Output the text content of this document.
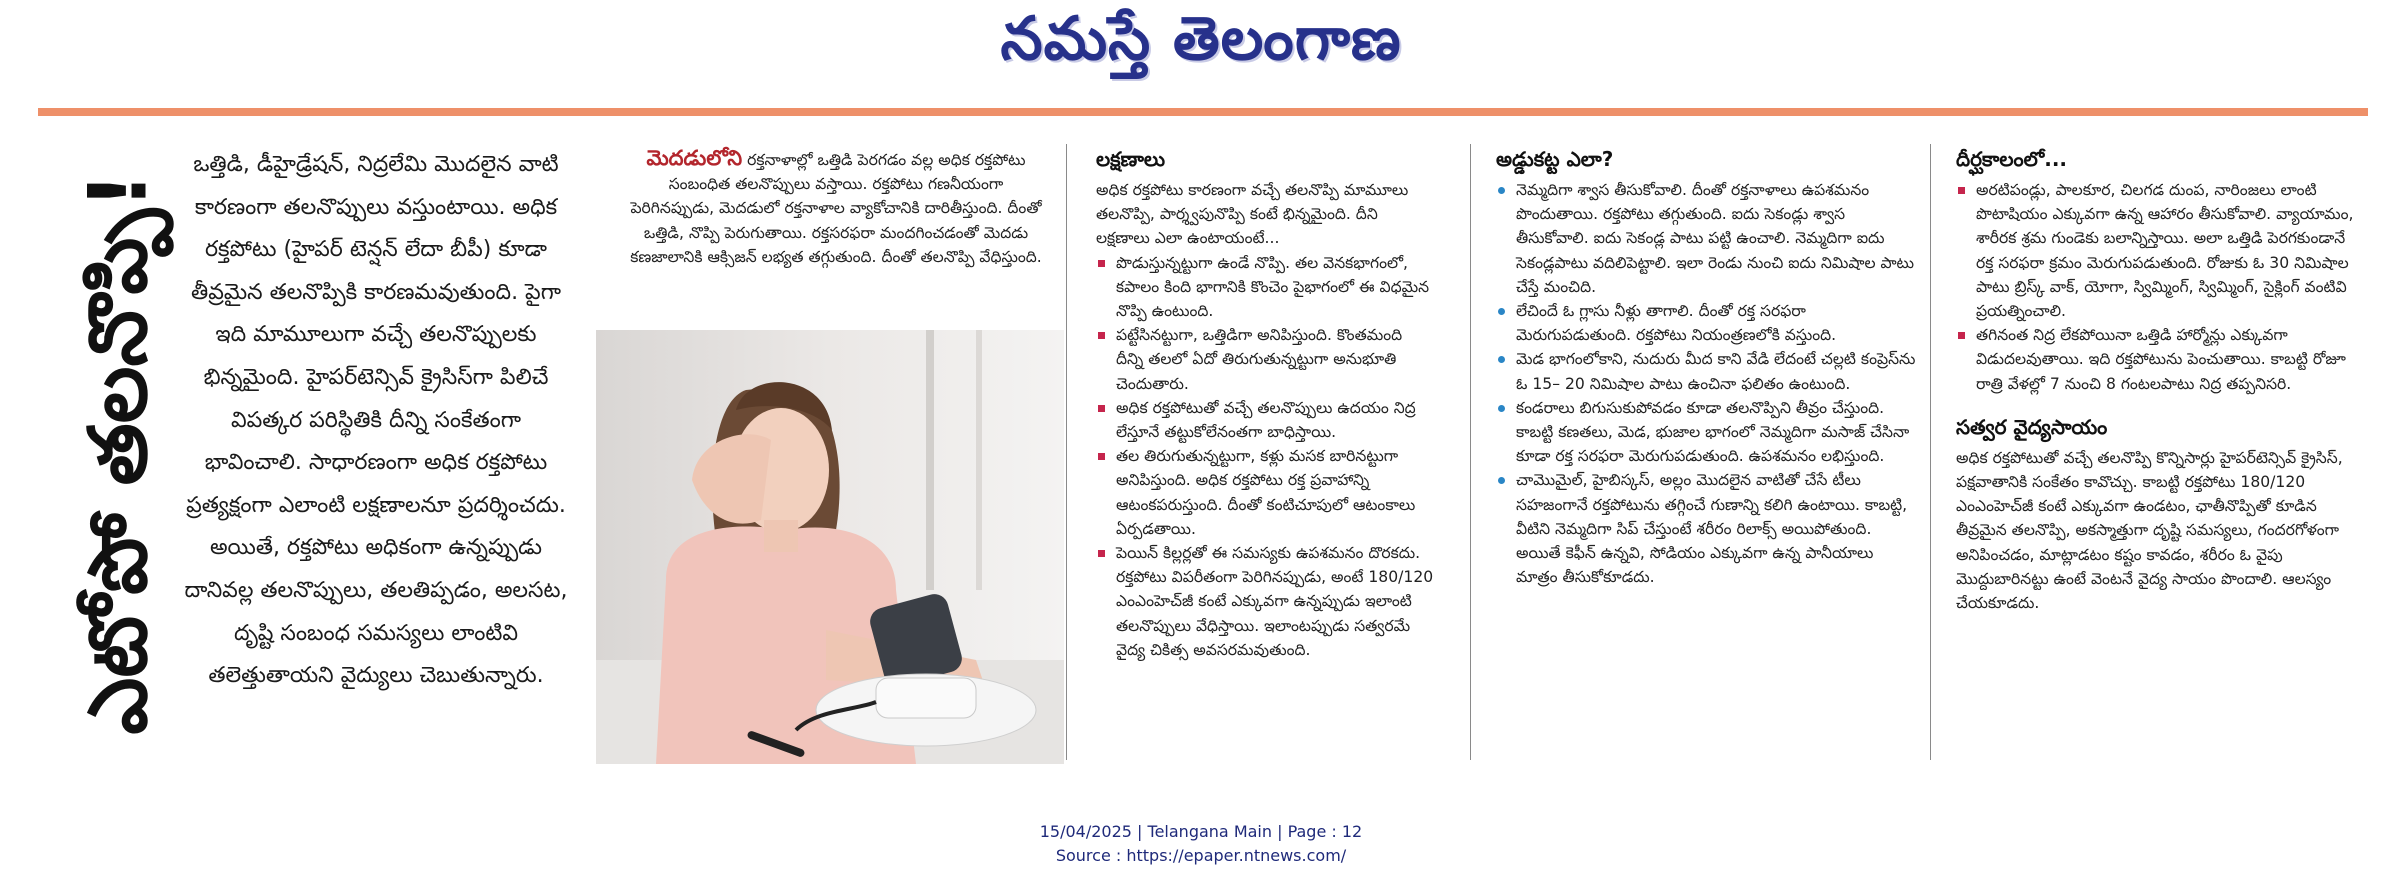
నమస్తే తెలంగాణ
ఎటోపో తలనొప్పి!
ఒత్తిడి, డీహైడ్రేషన్, నిద్రలేమి మొదలైన వాటి కారణంగా తలనొప్పులు వస్తుంటాయి. అధిక రక్తపోటు (హైపర్ టెన్షన్ లేదా బీపీ) కూడా తీవ్రమైన తలనొప్పికి కారణమవుతుంది. పైగా ఇది మామూలుగా వచ్చే తలనొప్పులకు భిన్నమైంది. హైపర్‌టెన్సివ్ క్రైసిస్‌గా పిలిచే విపత్కర పరిస్థితికి దీన్ని సంకేతంగా భావించాలి. సాధారణంగా అధిక రక్తపోటు ప్రత్యక్షంగా ఎలాంటి లక్షణాలనూ ప్రదర్శించదు. అయితే, రక్తపోటు అధికంగా ఉన్నప్పుడు దానివల్ల తలనొప్పులు, తలతిప్పడం, అలసట, దృష్టి సంబంధ సమస్యలు లాంటివి తలెత్తుతాయని వైద్యులు చెబుతున్నారు.

మెదడులోని రక్తనాళాల్లో ఒత్తిడి పెరగడం వల్ల అధిక రక్తపోటు సంబంధిత తలనొప్పులు వస్తాయి. రక్తపోటు గణనీయంగా పెరిగినప్పుడు, మెదడులో రక్తనాళాల వ్యాకోచానికి దారితీస్తుంది. దీంతో ఒత్తిడి, నొప్పి పెరుగుతాయి. రక్తసరఫరా మందగించడంతో మెదడు కణజాలానికి ఆక్సిజన్ లభ్యత తగ్గుతుంది. దీంతో తలనొప్పి వేధిస్తుంది.

లక్షణాలు

అధిక రక్తపోటు కారణంగా వచ్చే తలనొప్పి మామూలు తలనొప్పి, పార్శ్వపునొప్పి కంటే భిన్నమైంది. దీని లక్షణాలు ఎలా ఉంటాయంటే...

పొడుస్తున్నట్టుగా ఉండే నొప్పి. తల వెనకభాగంలో, కపాలం కింది భాగానికి కొంచెం పైభాగంలో ఈ విధమైన నొప్పి ఉంటుంది.
పట్టేసినట్టుగా, ఒత్తిడిగా అనిపిస్తుంది. కొంతమంది దీన్ని తలలో ఏదో తిరుగుతున్నట్టుగా అనుభూతి చెందుతారు.
అధిక రక్తపోటుతో వచ్చే తలనొప్పులు ఉదయం నిద్ర లేస్తూనే తట్టుకోలేనంతగా బాధిస్తాయి.
తల తిరుగుతున్నట్టుగా, కళ్లు మసక బారినట్టుగా అనిపిస్తుంది. అధిక రక్తపోటు రక్త ప్రవాహాన్ని ఆటంకపరుస్తుంది. దీంతో కంటిచూపులో ఆటంకాలు ఏర్పడతాయి.
పెయిన్ కిల్లర్లతో ఈ సమస్యకు ఉపశమనం దొరకదు. రక్తపోటు విపరీతంగా పెరిగినప్పుడు, అంటే 180/120 ఎంఎంహెచ్‌జీ కంటే ఎక్కువగా ఉన్నప్పుడు ఇలాంటి తలనొప్పులు వేధిస్తాయి. ఇలాంటప్పుడు సత్వరమే వైద్య చికిత్స అవసరమవుతుంది.
అడ్డుకట్ట ఎలా?
నెమ్మదిగా శ్వాస తీసుకోవాలి. దీంతో రక్తనాళాలు ఉపశమనం పొందుతాయి. రక్తపోటు తగ్గుతుంది. ఐదు సెకండ్లు శ్వాస తీసుకోవాలి. ఐదు సెకండ్ల పాటు పట్టి ఉంచాలి. నెమ్మదిగా ఐదు సెకండ్లపాటు వదిలిపెట్టాలి. ఇలా రెండు నుంచి ఐదు నిమిషాల పాటు చేస్తే మంచిది.
లేచిందే ఓ గ్లాసు నీళ్లు తాగాలి. దీంతో రక్త సరఫరా మెరుగుపడుతుంది. రక్తపోటు నియంత్రణలోకి వస్తుంది.
మెడ భాగంలోకాని, నుదురు మీద కాని వేడి లేదంటే చల్లటి కంప్రెస్‌ను ఓ 15– 20 నిమిషాల పాటు ఉంచినా ఫలితం ఉంటుంది.
కండరాలు బిగుసుకుపోవడం కూడా తలనొప్పిని తీవ్రం చేస్తుంది. కాబట్టి కణతలు, మెడ, భుజాల భాగంలో నెమ్మదిగా మసాజ్ చేసినా కూడా రక్త సరఫరా మెరుగుపడుతుంది. ఉపశమనం లభిస్తుంది.
చామొమైల్, హైబిస్కస్, అల్లం మొదలైన వాటితో చేసే టీలు సహజంగానే రక్తపోటును తగ్గించే గుణాన్ని కలిగి ఉంటాయి. కాబట్టి, వీటిని నెమ్మదిగా సిప్ చేస్తుంటే శరీరం రిలాక్స్ అయిపోతుంది. అయితే కెఫీన్ ఉన్నవి, సోడియం ఎక్కువగా ఉన్న పానీయాలు మాత్రం తీసుకోకూడదు.
దీర్ఘకాలంలో...
అరటిపండ్లు, పాలకూర, చిలగడ దుంప, నారింజలు లాంటి పొటాషియం ఎక్కువగా ఉన్న ఆహారం తీసుకోవాలి. వ్యాయామం, శారీరక శ్రమ గుండెకు బలాన్నిస్తాయి. అలా ఒత్తిడి పెరగకుండానే రక్త సరఫరా క్రమం మెరుగుపడుతుంది. రోజుకు ఓ 30 నిమిషాల పాటు బ్రిస్క్ వాక్, యోగా, స్విమ్మింగ్, స్విమ్మింగ్, సైక్లింగ్ వంటివి ప్రయత్నించాలి.
తగినంత నిద్ర లేకపోయినా ఒత్తిడి హార్మోన్లు ఎక్కువగా విడుదలవుతాయి. ఇది రక్తపోటును పెంచుతాయి. కాబట్టి రోజూ రాత్రి వేళల్లో 7 నుంచి 8 గంటలపాటు నిద్ర తప్పనిసరి.
సత్వర వైద్యసాయం

అధిక రక్తపోటుతో వచ్చే తలనొప్పి కొన్నిసార్లు హైపర్‌టెన్సివ్ క్రైసిస్, పక్షవాతానికి సంకేతం కావొచ్చు. కాబట్టి రక్తపోటు 180/120 ఎంఎంహెచ్‌జీ కంటే ఎక్కువగా ఉండటం, ఛాతీనొప్పితో కూడిన తీవ్రమైన తలనొప్పి, అకస్మాత్తుగా దృష్టి సమస్యలు, గందరగోళంగా అనిపించడం, మాట్లాడటం కష్టం కావడం, శరీరం ఓ వైపు మొద్దుబారినట్టు ఉంటే వెంటనే వైద్య సాయం పొందాలి. ఆలస్యం చేయకూడదు.

15/04/2025 | Telangana Main | Page : 12
Source : https://epaper.ntnews.com/
